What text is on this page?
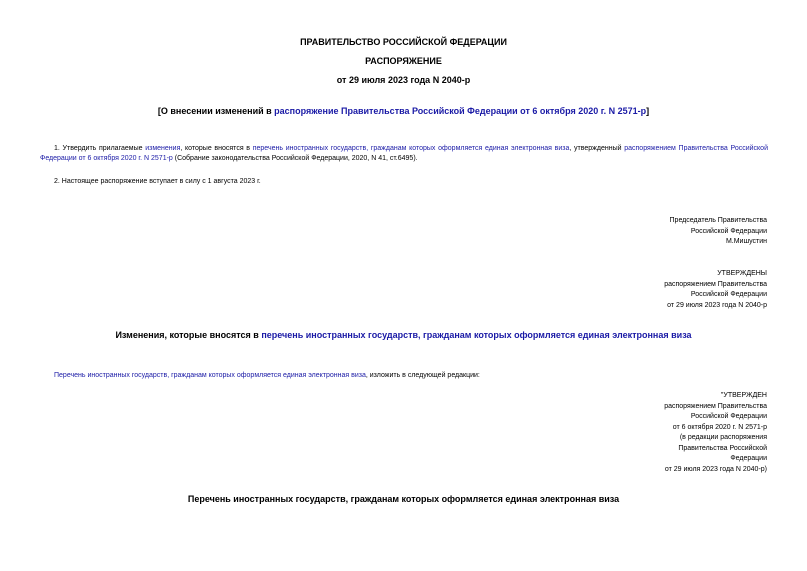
ПРАВИТЕЛЬСТВО РОССИЙСКОЙ ФЕДЕРАЦИИ
РАСПОРЯЖЕНИЕ
от 29 июля 2023 года N 2040-р
[О внесении изменений в распоряжение Правительства Российской Федерации от 6 октября 2020 г. N 2571-р]
1. Утвердить прилагаемые изменения, которые вносятся в перечень иностранных государств, гражданам которых оформляется единая электронная виза, утвержденный распоряжением Правительства Российской Федерации от 6 октября 2020 г. N 2571-р (Собрание законодательства Российской Федерации, 2020, N 41, ст.6495).
2. Настоящее распоряжение вступает в силу с 1 августа 2023 г.
Председатель Правительства
Российской Федерации
М.Мишустин
УТВЕРЖДЕНЫ
распоряжением Правительства
Российской Федерации
от 29 июля 2023 года N 2040-р
Изменения, которые вносятся в перечень иностранных государств, гражданам которых оформляется единая электронная виза
Перечень иностранных государств, гражданам которых оформляется единая электронная виза, изложить в следующей редакции:
"УТВЕРЖДЕН
распоряжением Правительства
Российской Федерации
от 6 октября 2020 г. N 2571-р
(в редакции распоряжения
Правительства Российской
Федерации
от 29 июля 2023 года N 2040-р)
Перечень иностранных государств, гражданам которых оформляется единая электронная виза
